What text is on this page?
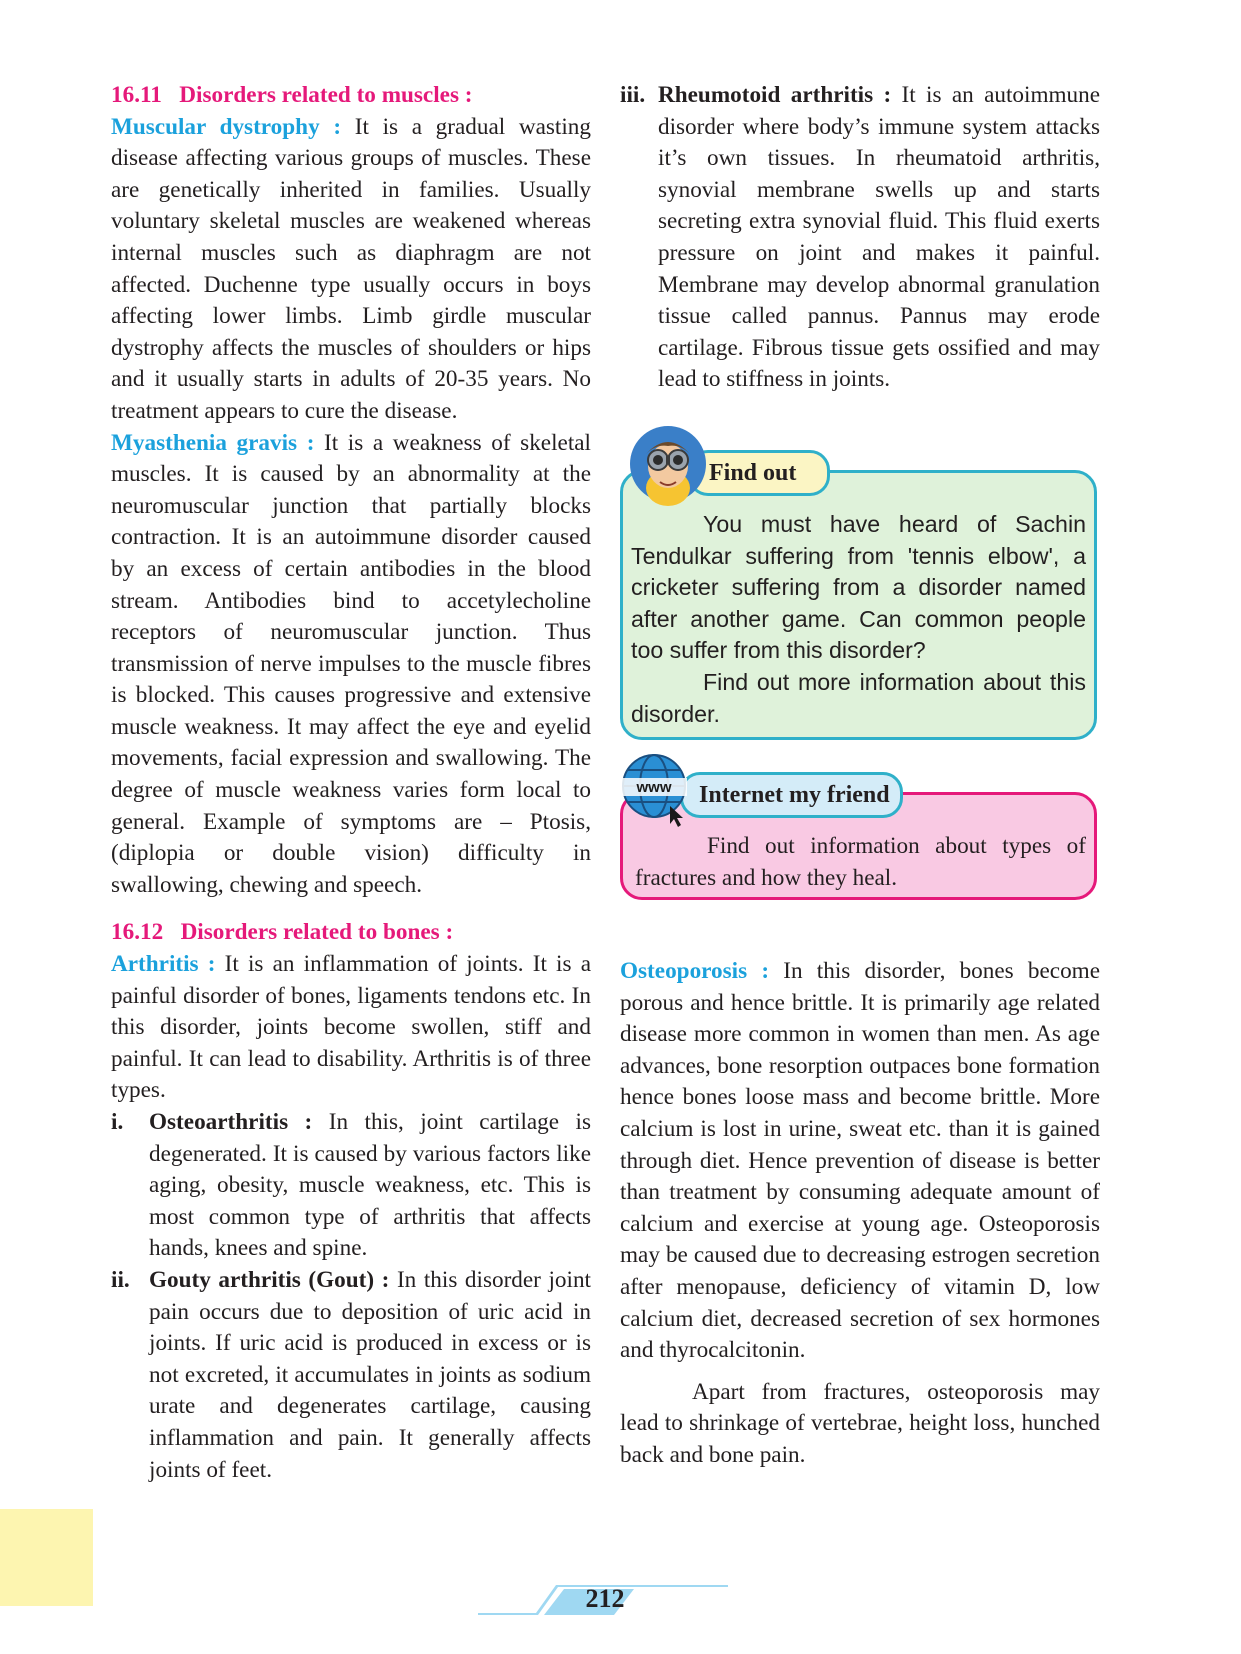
16.11   Disorders related to muscles :

Muscular dystrophy : It is a gradual wasting disease affecting various groups of muscles. These are genetically inherited in families. Usually voluntary skeletal muscles are weakened whereas internal muscles such as diaphragm are not affected. Duchenne type usually occurs in boys affecting lower limbs. Limb girdle muscular dystrophy affects the muscles of shoulders or hips and it usually starts in adults of 20-35 years. No treatment appears to cure the disease.

Myasthenia gravis : It is a weakness of skeletal muscles. It is caused by an abnormality at the neuromuscular junction that partially blocks contraction. It is an autoimmune disorder caused by an excess of certain antibodies in the blood stream. Antibodies bind to accetylecholine receptors of neuromuscular junction. Thus transmission of nerve impulses to the muscle fibres is blocked. This causes progressive and extensive muscle weakness. It may affect the eye and eyelid movements, facial expression and swallowing. The degree of muscle weakness varies form local to general. Example of symptoms are – Ptosis, (diplopia or double vision) difficulty in swallowing, chewing and speech.

16.12   Disorders related to bones :

Arthritis : It is an inflammation of joints. It is a painful disorder of bones, ligaments tendons etc. In this disorder, joints become swollen, stiff and painful. It can lead to disability. Arthritis is of three types.

i.	Osteoarthritis : In this, joint cartilage is degenerated. It is caused by various factors like aging, obesity, muscle weakness, etc. This is most common type of arthritis that affects hands, knees and spine.
ii. Gouty arthritis (Gout) : In this disorder joint pain occurs due to deposition of uric acid in joints. If uric acid is produced in excess or is not excreted, it accumulates in joints as sodium urate and degenerates cartilage, causing inflammation and pain. It generally affects joints of feet.
iii. Rheumotoid arthritis : It is an autoimmune disorder where body’s immune system attacks it’s own tissues. In rheumatoid arthritis, synovial membrane swells up and starts secreting extra synovial fluid. This fluid exerts pressure on joint and makes it painful. Membrane may develop abnormal granulation tissue called pannus. Pannus may erode cartilage. Fibrous tissue gets ossified and may lead to stiffness in joints.

You must have heard of Sachin Tendulkar suffering from 'tennis elbow', a cricketer suffering from a disorder named after another game. Can common people too suffer from this disorder?

Find out more information about this disorder.

Find out

Find out information about types of fractures and how they heal.

Internet my friend
www

Osteoporosis : In this disorder, bones become porous and hence brittle. It is primarily age related disease more common in women than men. As age advances, bone resorption outpaces bone formation hence bones loose mass and become brittle. More calcium is lost in urine, sweat etc. than it is gained through diet. Hence prevention of disease is better than treatment by consuming adequate amount of calcium and exercise at young age. Osteoporosis may be caused due to decreasing estrogen secretion after menopause, deficiency of vitamin D, low calcium diet, decreased secretion of sex hormones and thyrocalcitonin.

Apart from fractures, osteoporosis may lead to shrinkage of vertebrae, height loss, hunched back and bone pain.

212
